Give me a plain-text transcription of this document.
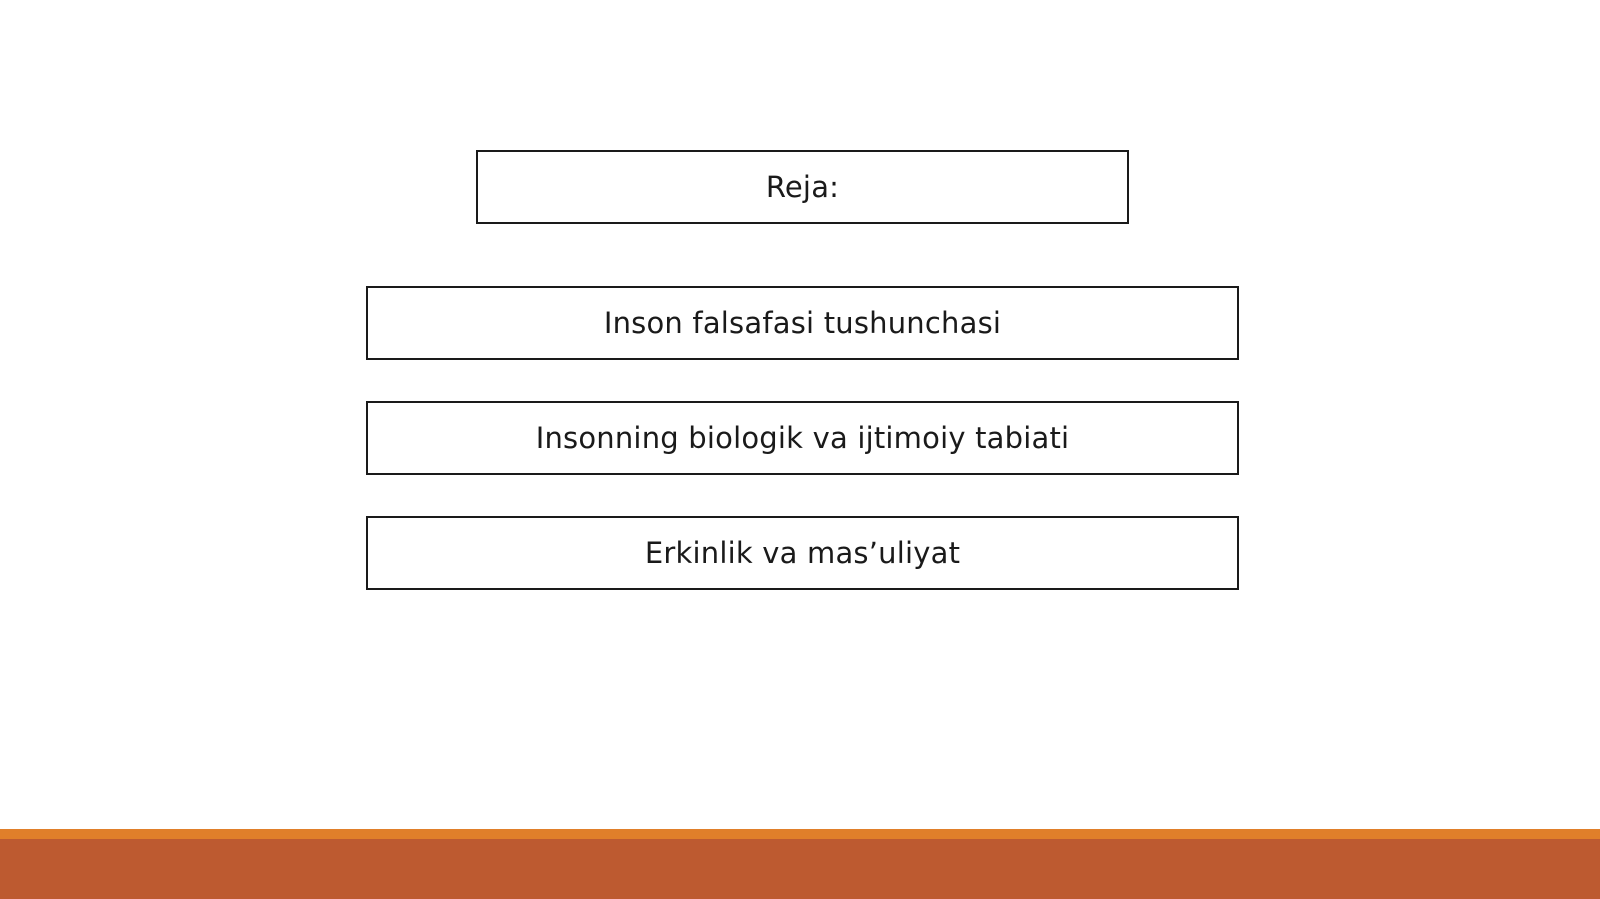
Reja:
Inson falsafasi tushunchasi
Insonning biologik va ijtimoiy tabiati
Erkinlik va mas’uliyat
